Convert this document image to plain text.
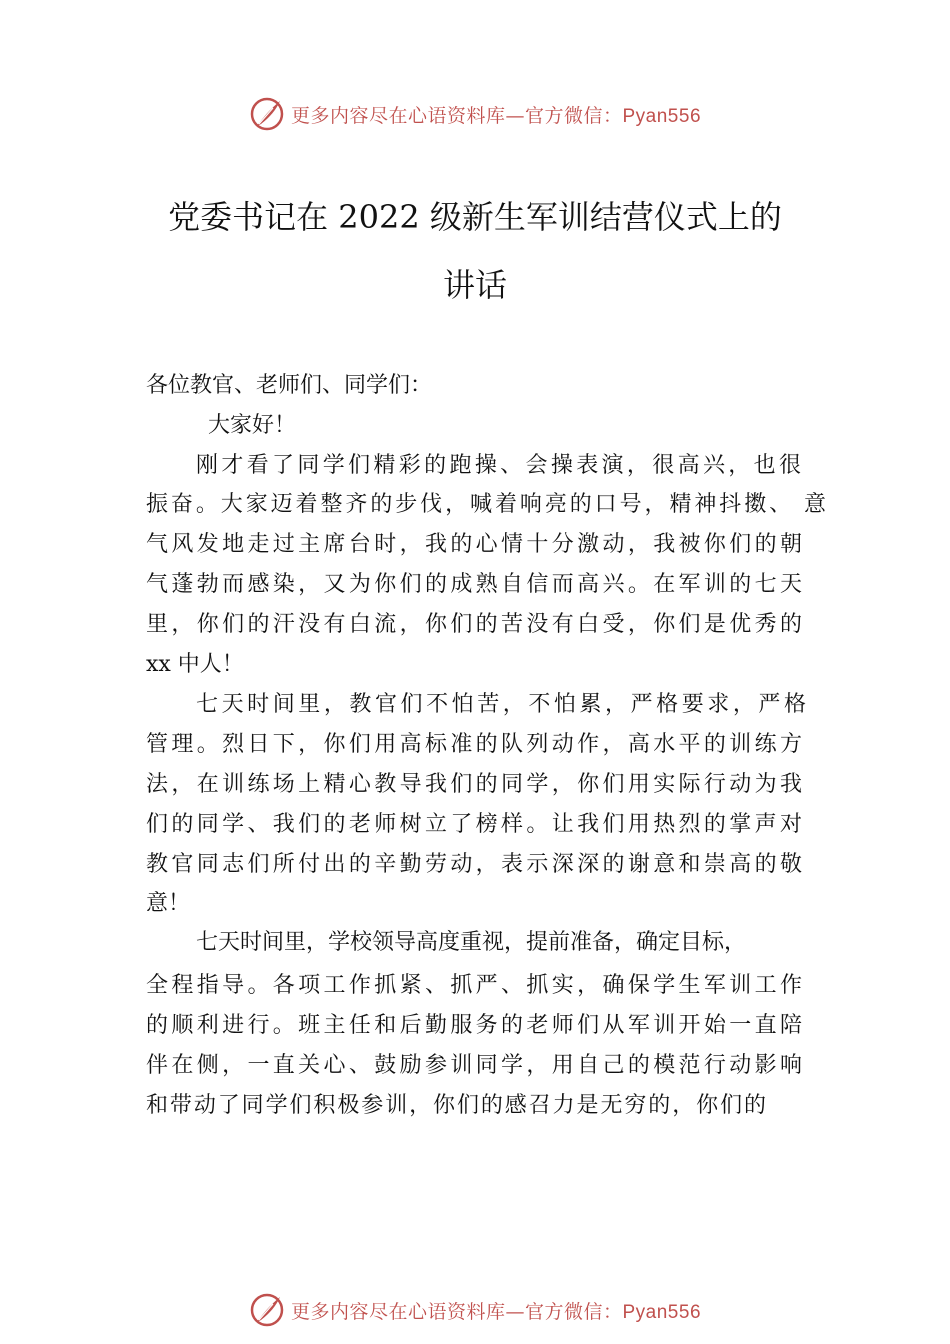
更多内容尽在心语资料库—官方微信：Pyan556
党委书记在 2022 级新生军训结营仪式上的
讲话
各位教官、老师们、同学们：
大家好！
刚才看了同学们精彩的跑操、会操表演，很高兴，也很
振奋。大家迈着整齐的步伐，喊着响亮的口号，精神抖擞、 意
气风发地走过主席台时，我的心情十分激动，我被你们的朝
气蓬勃而感染，又为你们的成熟自信而高兴。在军训的七天
里，你们的汗没有白流，你们的苦没有白受，你们是优秀的
xx 中人！
七天时间里，教官们不怕苦，不怕累，严格要求，严格
管理。烈日下，你们用高标准的队列动作，高水平的训练方
法，在训练场上精心教导我们的同学，你们用实际行动为我
们的同学、我们的老师树立了榜样。让我们用热烈的掌声对
教官同志们所付出的辛勤劳动，表示深深的谢意和崇高的敬
意！
七天时间里，学校领导高度重视，提前准备，确定目标，
全程指导。各项工作抓紧、抓严、抓实，确保学生军训工作
的顺利进行。班主任和后勤服务的老师们从军训开始一直陪
伴在侧，一直关心、鼓励参训同学，用自己的模范行动影响
和带动了同学们积极参训，你们的感召力是无穷的，你们的
更多内容尽在心语资料库—官方微信：Pyan556
